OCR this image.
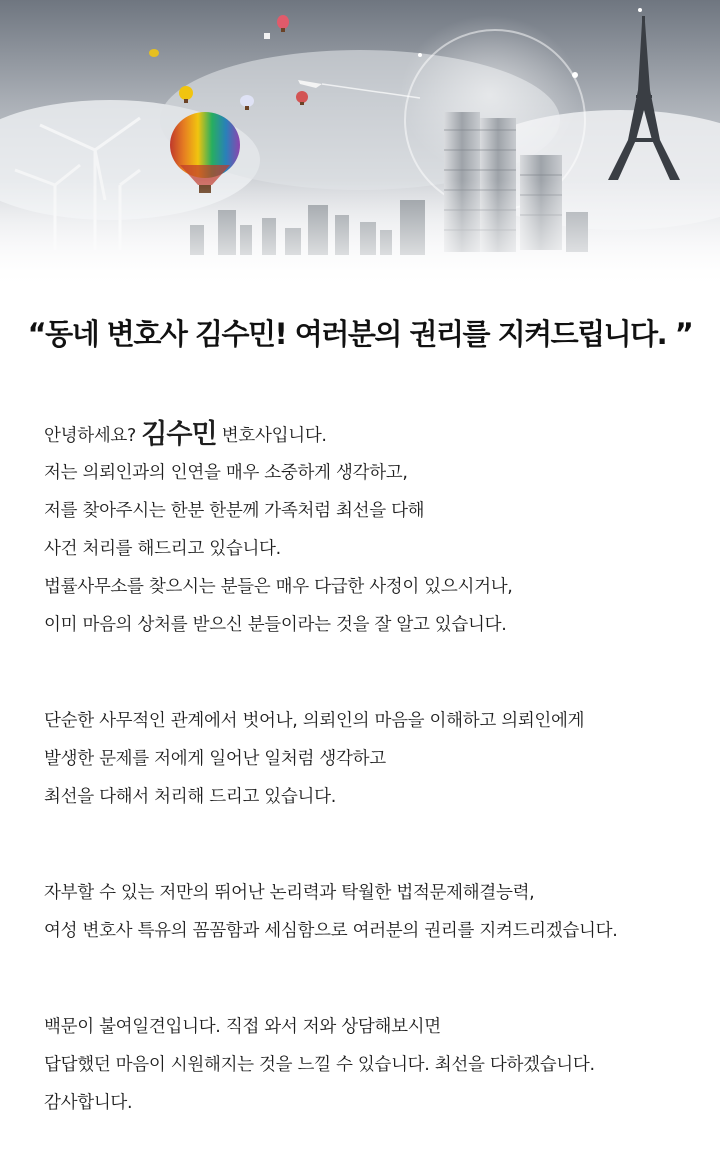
“동네 변호사 김수민! 여러분의 권리를 지켜드립니다. ”
안녕하세요? 김수민 변호사입니다.
저는 의뢰인과의 인연을 매우 소중하게 생각하고,
저를 찾아주시는 한분 한분께 가족처럼 최선을 다해
사건 처리를 해드리고 있습니다.
법률사무소를 찾으시는 분들은 매우 다급한 사정이 있으시거나,
이미 마음의 상처를 받으신 분들이라는 것을 잘 알고 있습니다.
단순한 사무적인 관계에서 벗어나, 의뢰인의 마음을 이해하고 의뢰인에게
발생한 문제를 저에게 일어난 일처럼 생각하고
최선을 다해서 처리해 드리고 있습니다.
자부할 수 있는 저만의 뛰어난 논리력과 탁월한 법적문제해결능력,
여성 변호사 특유의 꼼꼼함과 세심함으로 여러분의 권리를 지켜드리겠습니다.
백문이 불여일견입니다. 직접 와서 저와 상담해보시면
답답했던 마음이 시원해지는 것을 느낄 수 있습니다. 최선을 다하겠습니다.
감사합니다.
